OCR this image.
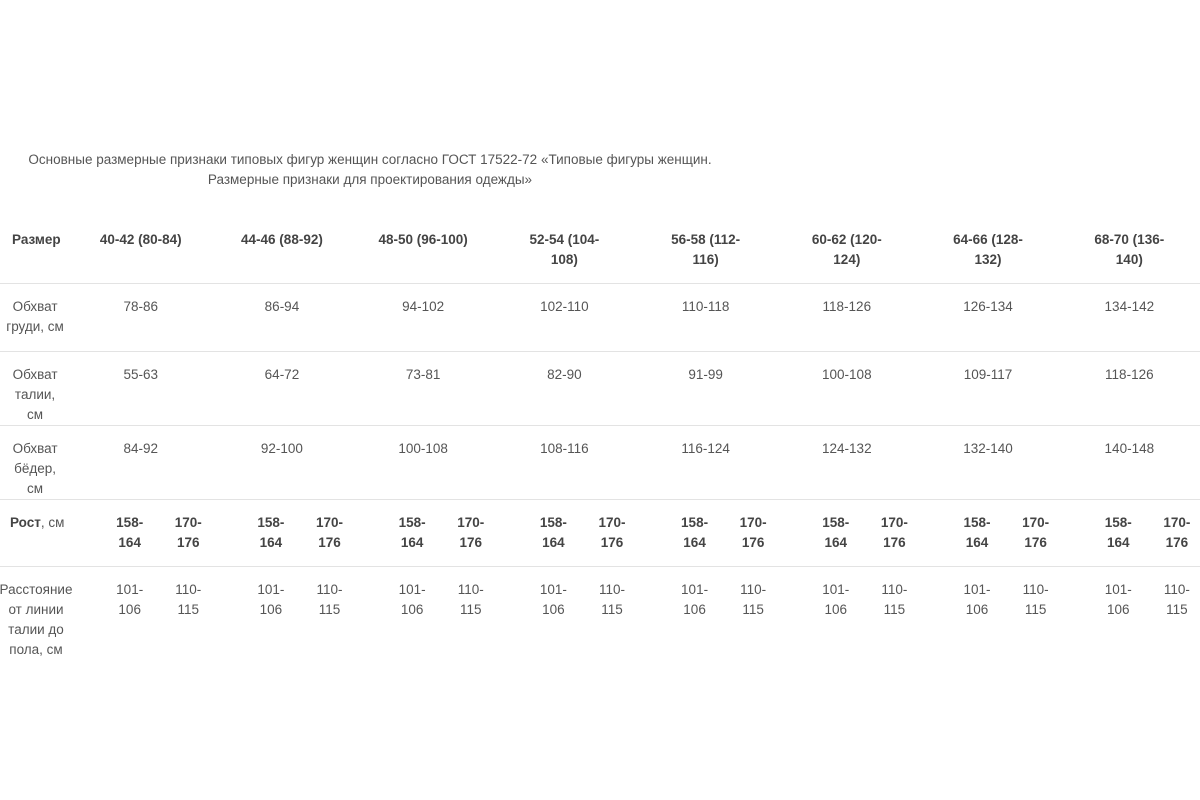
Основные размерные признаки типовых фигур женщин согласно ГОСТ 17522-72 «Типовые фигуры женщин.
Размерные признаки для проектирования одежды»
Размер	40-42 (80-84)		44-46 (88-92)		48-50 (96-100)		52-54 (104-108)		56-58 (112-116)		60-62 (120-124)		64-66 (128-132)		68-70 (136-140)	

Обхват груди, см	78-86		86-94		94-102		102-110		110-118		118-126		126-134		134-142	

Обхват талии, см	55-63		64-72		73-81		82-90		91-99		100-108		109-117		118-126	

Обхват бёдер, см	84-92		92-100		100-108		108-116		116-124		124-132		132-140		140-148	

Рост, см	158-164	170-176	158-164	170-176	158-164	170-176	158-164	170-176	158-164	170-176	158-164	170-176	158-164	170-176	158-164	170-176

Расстояние от линии талии до пола, см	101-106	110-115	101-106	110-115	101-106	110-115	101-106	110-115	101-106	110-115	101-106	110-115	101-106	110-115	101-106	110-115
